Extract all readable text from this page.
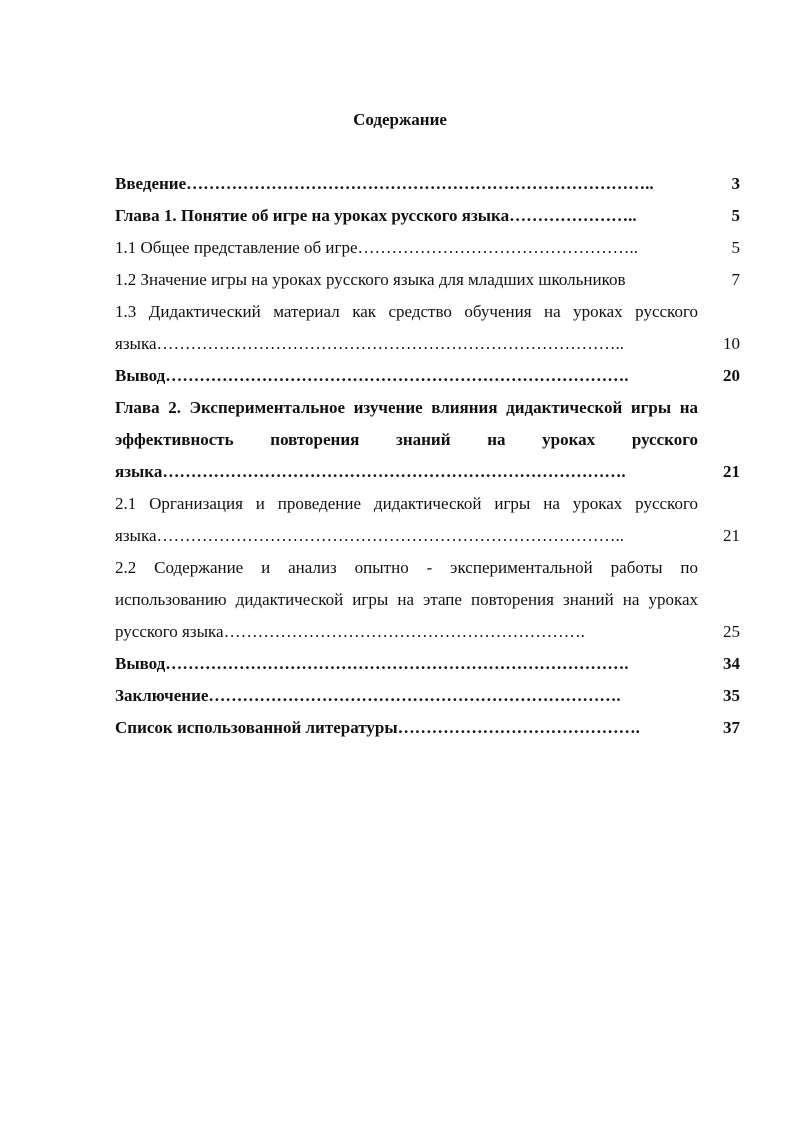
Содержание
Введение………………………………………………………………………..	3
Глава 1. Понятие об игре на уроках русского языка…………………..	5
1.1 Общее представление об игре…………………………………………..	5
1.2 Значение игры на уроках русского языка для младших школьников	7
1.3 Дидактический материал как средство обучения на уроках русского языка………………………………………………………………………..	10
Вывод……………………………………………………………………….	20
Глава 2. Экспериментальное изучение влияния дидактической игры на эффективность повторения знаний на уроках русского языка……………………………………………………………………….	21
2.1 Организация и проведение дидактической игры на уроках русского языка………………………………………………………………………..	21
2.2 Содержание и анализ опытно - экспериментальной работы по использованию дидактической игры на этапе повторения знаний на уроках русского языка……………………………………………………….	25
Вывод……………………………………………………………………….	34
Заключение……………………………………………………………….	35
Список использованной литературы…………………………………….	37
